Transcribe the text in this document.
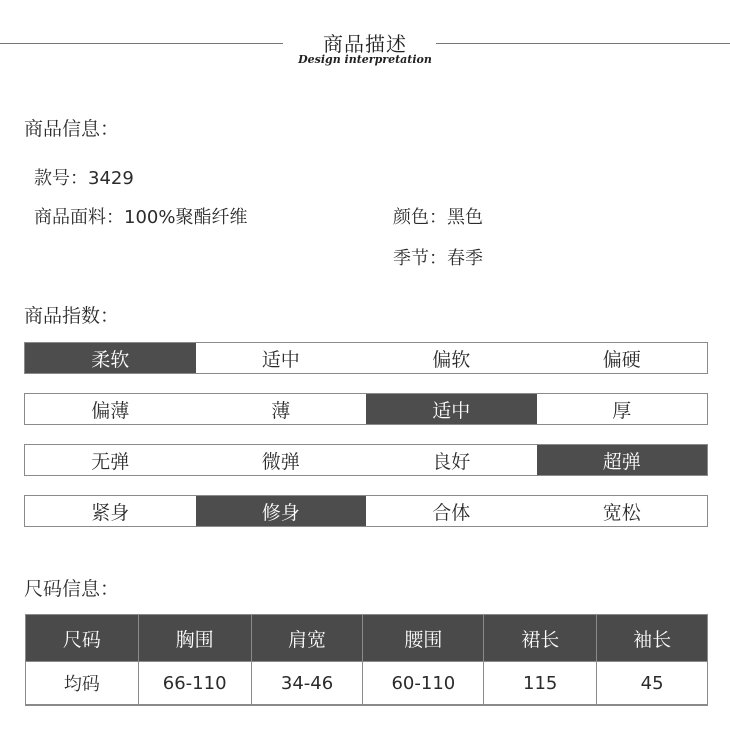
商品描述
Design interpretation
商品信息：
款号：3429
商品面料：100%聚酯纤维	颜色：黑色
季节：春季
商品指数：
柔软	适中	偏软	偏硬
偏薄	薄	适中	厚
无弹	微弹	良好	超弹
紧身	修身	合体	宽松
尺码信息：
尺码	胸围	肩宽	腰围	裙长	袖长
均码	66-110	34-46	60-110	115	45
